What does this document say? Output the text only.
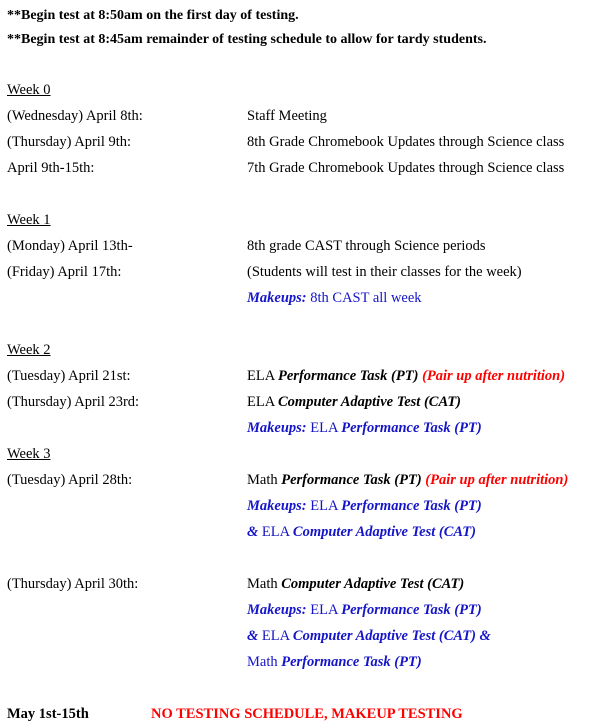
**Begin test at 8:50am on the first day of testing.
**Begin test at 8:45am remainder of testing schedule to allow for tardy students.
Week 0
(Wednesday) April 8th:	Staff Meeting
(Thursday) April 9th:	8th Grade Chromebook Updates through Science class
April 9th-15th:	7th Grade Chromebook Updates through Science class
Week 1
(Monday) April 13th-	8th grade CAST through Science periods
(Friday) April 17th:	(Students will test in their classes for the week)
Makeups: 8th CAST all week
Week 2
(Tuesday) April 21st:	ELA Performance Task (PT) (Pair up after nutrition)
(Thursday) April 23rd:	ELA Computer Adaptive Test (CAT)
Makeups: ELA Performance Task (PT)
Week 3
(Tuesday) April 28th:	Math Performance Task (PT) (Pair up after nutrition)
Makeups: ELA Performance Task (PT)
& ELA Computer Adaptive Test (CAT)
(Thursday) April 30th:	Math Computer Adaptive Test (CAT)
Makeups: ELA Performance Task (PT)
& ELA Computer Adaptive Test (CAT) &
Math Performance Task (PT)
May 1st-15th	NO TESTING SCHEDULE, MAKEUP TESTING
